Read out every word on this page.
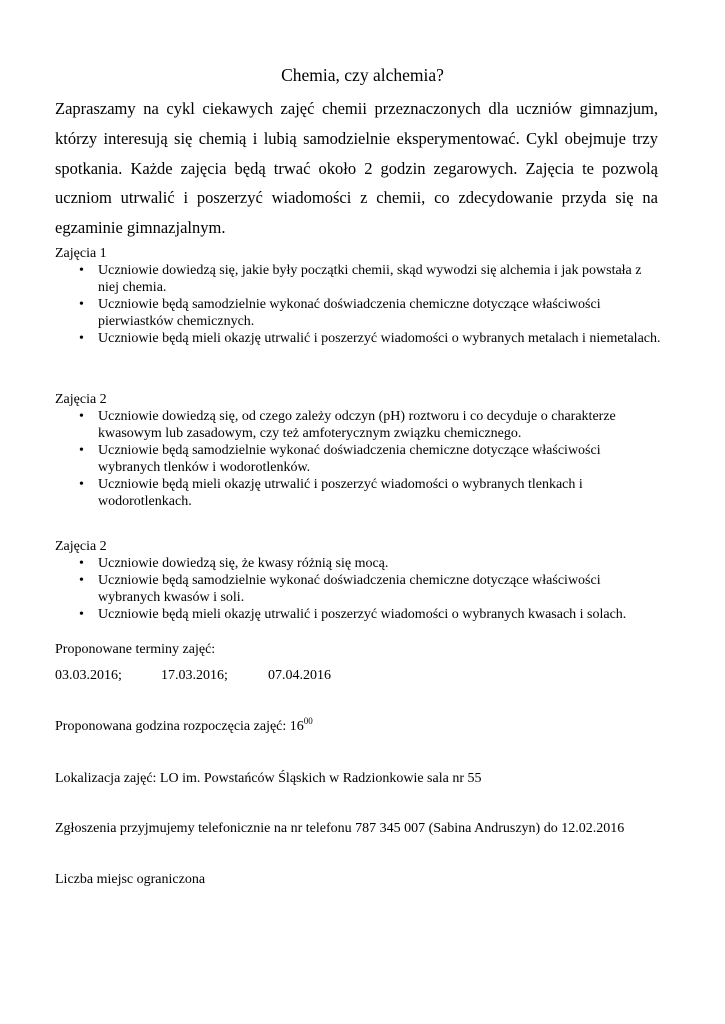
Chemia, czy alchemia?
Zapraszamy na cykl ciekawych zajęć chemii przeznaczonych dla uczniów gimnazjum, którzy interesują się chemią i lubią samodzielnie eksperymentować. Cykl obejmuje trzy spotkania. Każde zajęcia będą trwać około 2 godzin zegarowych. Zajęcia te pozwolą uczniom utrwalić i poszerzyć wiadomości z chemii, co zdecydowanie przyda się na egzaminie gimnazjalnym.
Zajęcia 1
• Uczniowie dowiedzą się, jakie były początki chemii, skąd wywodzi się alchemia i jak powstała z niej chemia.
• Uczniowie będą samodzielnie wykonać doświadczenia chemiczne dotyczące właściwości pierwiastków chemicznych.
• Uczniowie będą mieli okazję utrwalić i poszerzyć wiadomości o wybranych metalach i niemetalach.
Zajęcia 2
• Uczniowie dowiedzą się, od czego zależy odczyn (pH) roztworu i co decyduje o charakterze kwasowym lub zasadowym, czy też amfoterycznym związku chemicznego.
• Uczniowie będą samodzielnie wykonać doświadczenia chemiczne dotyczące właściwości wybranych tlenków i wodorotlenków.
• Uczniowie będą mieli okazję utrwalić i poszerzyć wiadomości o wybranych tlenkach i wodorotlenkach.
Zajęcia 2
• Uczniowie dowiedzą się, że kwasy różnią się mocą.
• Uczniowie będą samodzielnie wykonać doświadczenia chemiczne dotyczące właściwości wybranych kwasów i soli.
• Uczniowie będą mieli okazję utrwalić i poszerzyć wiadomości o wybranych kwasach i solach.
Proponowane terminy zajęć:
03.03.2016;	17.03.2016;	07.04.2016
Proponowana godzina rozpoczęcia zajęć: $16^{00}$
Lokalizacja zajęć: LO im. Powstańców Śląskich w Radzionkowie sala nr 55
Zgłoszenia przyjmujemy telefonicznie na nr telefonu 787 345 007 (Sabina Andruszyn) do 12.02.2016
Liczba miejsc ograniczona
